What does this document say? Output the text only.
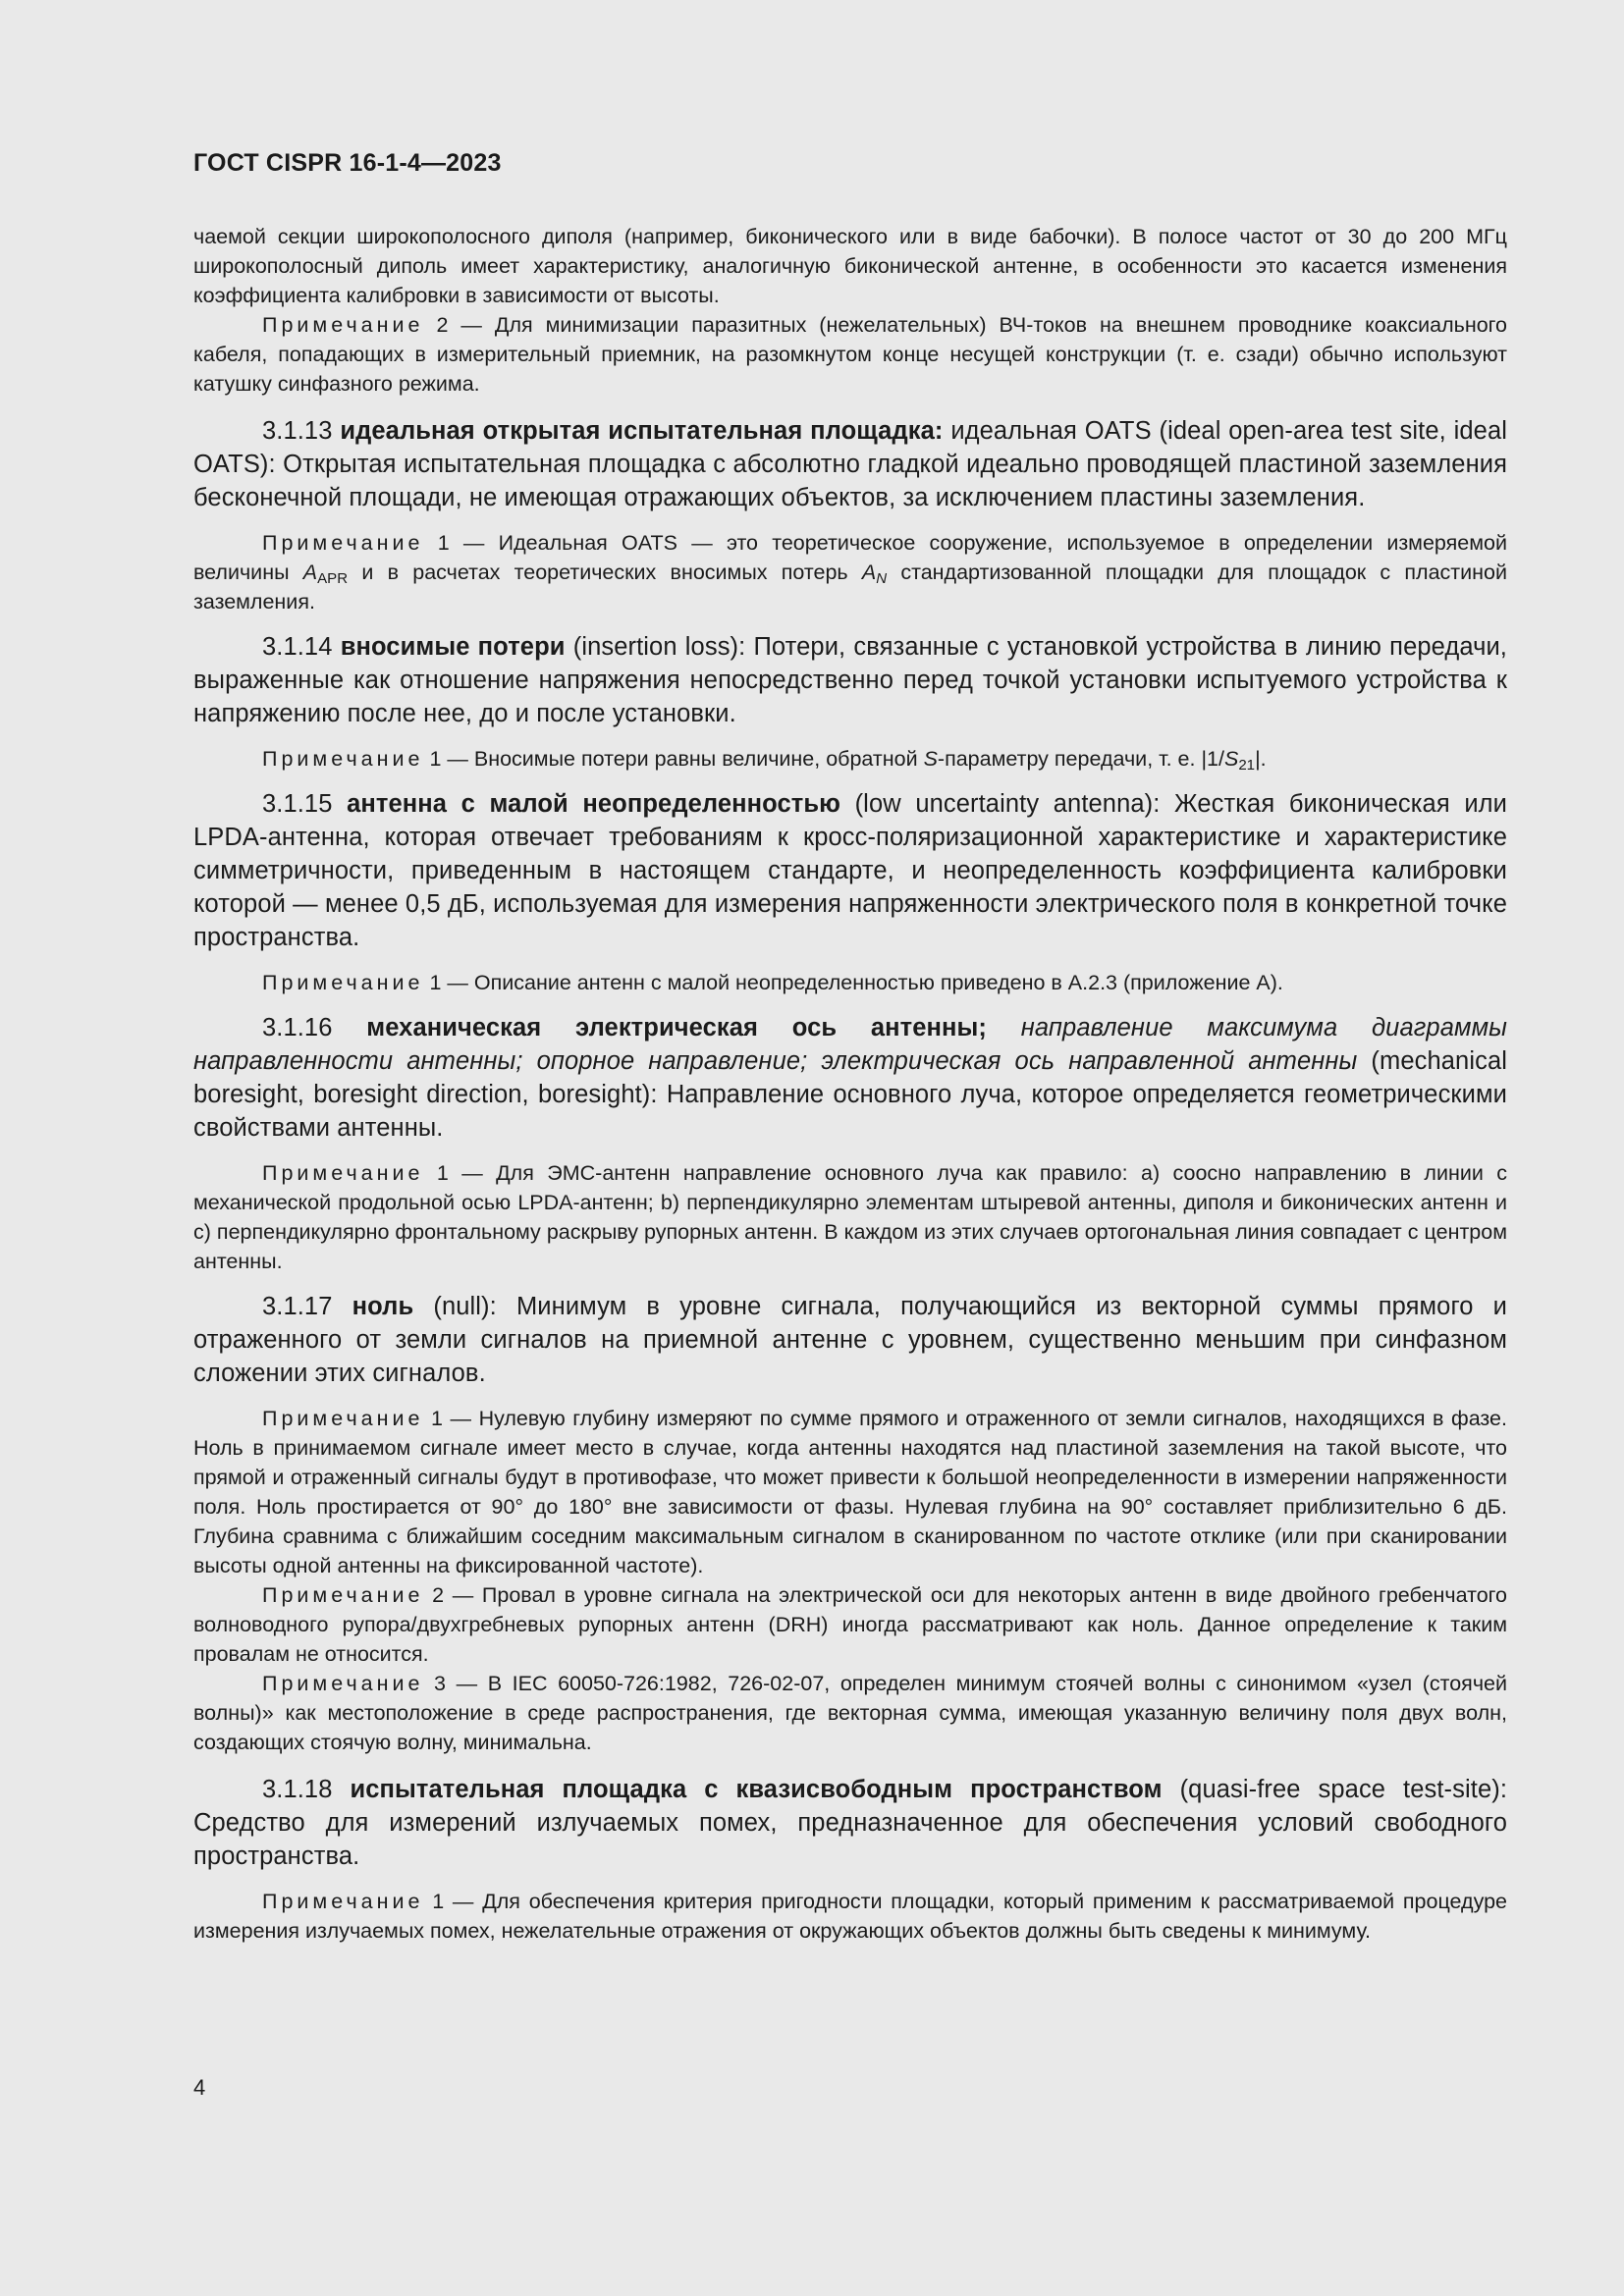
ГОСТ CISPR 16-1-4—2023

чаемой секции широкополосного диполя (например, биконического или в виде бабочки). В полосе частот от 30 до 200 МГц широкополосный диполь имеет характеристику, аналогичную биконической антенне, в особенности это касается изменения коэффициента калибровки в зависимости от высоты.

Примечание 2 — Для минимизации паразитных (нежелательных) ВЧ-токов на внешнем проводнике коаксиального кабеля, попадающих в измерительный приемник, на разомкнутом конце несущей конструкции (т. е. сзади) обычно используют катушку синфазного режима.

3.1.13 идеальная открытая испытательная площадка: идеальная OATS (ideal open-area test site, ideal OATS): Открытая испытательная площадка с абсолютно гладкой идеально проводящей пластиной заземления бесконечной площади, не имеющая отражающих объектов, за исключением пластины заземления.

Примечание 1 — Идеальная OATS — это теоретическое сооружение, используемое в определении измеряемой величины $A_{APR}$ и в расчетах теоретических вносимых потерь $A_N$ стандартизованной площадки для площадок с пластиной заземления.

3.1.14 вносимые потери (insertion loss): Потери, связанные с установкой устройства в линию передачи, выраженные как отношение напряжения непосредственно перед точкой установки испытуемого устройства к напряжению после нее, до и после установки.

Примечание 1 — Вносимые потери равны величине, обратной S-параметру передачи, т. е. $|1/S_{21}|$.

3.1.15 антенна с малой неопределенностью (low uncertainty antenna): Жесткая биконическая или LPDA-антенна, которая отвечает требованиям к кросс-поляризационной характеристике и характеристике симметричности, приведенным в настоящем стандарте, и неопределенность коэффициента калибровки которой — менее 0,5 дБ, используемая для измерения напряженности электрического поля в конкретной точке пространства.

Примечание 1 — Описание антенн с малой неопределенностью приведено в А.2.3 (приложение А).

3.1.16 механическая электрическая ось антенны; направление максимума диаграммы направленности антенны; опорное направление; электрическая ось направленной антенны (mechanical boresight, boresight direction, boresight): Направление основного луча, которое определяется геометрическими свойствами антенны.

Примечание 1 — Для ЭМС-антенн направление основного луча как правило: a) соосно направлению в линии с механической продольной осью LPDA-антенн; b) перпендикулярно элементам штыревой антенны, диполя и биконических антенн и c) перпендикулярно фронтальному раскрыву рупорных антенн. В каждом из этих случаев ортогональная линия совпадает с центром антенны.

3.1.17 ноль (null): Минимум в уровне сигнала, получающийся из векторной суммы прямого и отраженного от земли сигналов на приемной антенне с уровнем, существенно меньшим при синфазном сложении этих сигналов.

Примечание 1 — Нулевую глубину измеряют по сумме прямого и отраженного от земли сигналов, находящихся в фазе. Ноль в принимаемом сигнале имеет место в случае, когда антенны находятся над пластиной заземления на такой высоте, что прямой и отраженный сигналы будут в противофазе, что может привести к большой неопределенности в измерении напряженности поля. Ноль простирается от 90° до 180° вне зависимости от фазы. Нулевая глубина на 90° составляет приблизительно 6 дБ. Глубина сравнима с ближайшим соседним максимальным сигналом в сканированном по частоте отклике (или при сканировании высоты одной антенны на фиксированной частоте).

Примечание 2 — Провал в уровне сигнала на электрической оси для некоторых антенн в виде двойного гребенчатого волноводного рупора/двухгребневых рупорных антенн (DRH) иногда рассматривают как ноль. Данное определение к таким провалам не относится.

Примечание 3 — В IEC 60050-726:1982, 726-02-07, определен минимум стоячей волны с синонимом «узел (стоячей волны)» как местоположение в среде распространения, где векторная сумма, имеющая указанную величину поля двух волн, создающих стоячую волну, минимальна.

3.1.18 испытательная площадка с квазисвободным пространством (quasi-free space test-site): Средство для измерений излучаемых помех, предназначенное для обеспечения условий свободного пространства.

Примечание 1 — Для обеспечения критерия пригодности площадки, который применим к рассматриваемой процедуре измерения излучаемых помех, нежелательные отражения от окружающих объектов должны быть сведены к минимуму.

4
